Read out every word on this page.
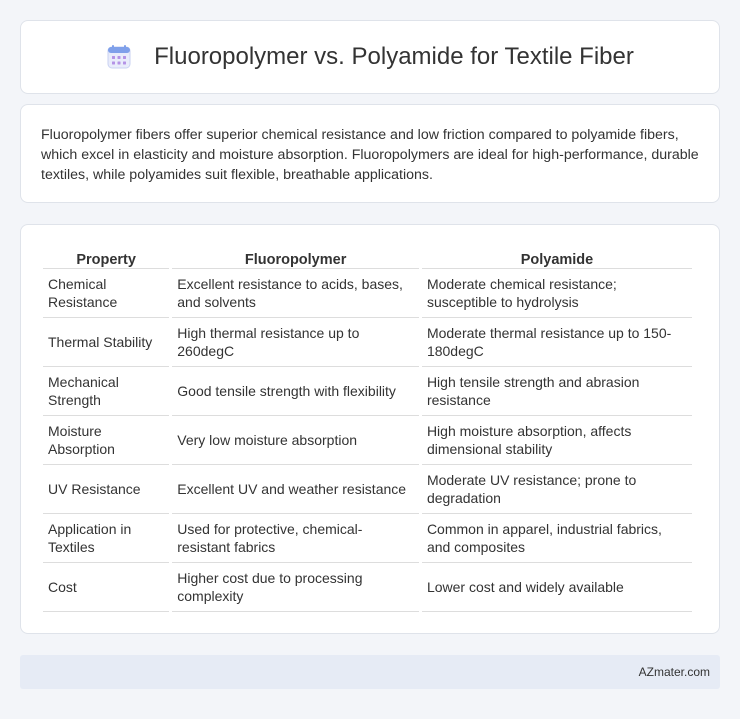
Fluoropolymer vs. Polyamide for Textile Fiber

Fluoropolymer fibers offer superior chemical resistance and low friction compared to polyamide fibers, which excel in elasticity and moisture absorption. Fluoropolymers are ideal for high-performance, durable textiles, while polyamides suit flexible, breathable applications.

Property	Fluoropolymer	Polyamide
Chemical Resistance	Excellent resistance to acids, bases, and solvents	Moderate chemical resistance; susceptible to hydrolysis
Thermal Stability	High thermal resistance up to 260degC	Moderate thermal resistance up to 150-180degC
Mechanical Strength	Good tensile strength with flexibility	High tensile strength and abrasion resistance
Moisture Absorption	Very low moisture absorption	High moisture absorption, affects dimensional stability
UV Resistance	Excellent UV and weather resistance	Moderate UV resistance; prone to degradation
Application in Textiles	Used for protective, chemical-resistant fabrics	Common in apparel, industrial fabrics, and composites
Cost	Higher cost due to processing complexity	Lower cost and widely available
AZmater.com
